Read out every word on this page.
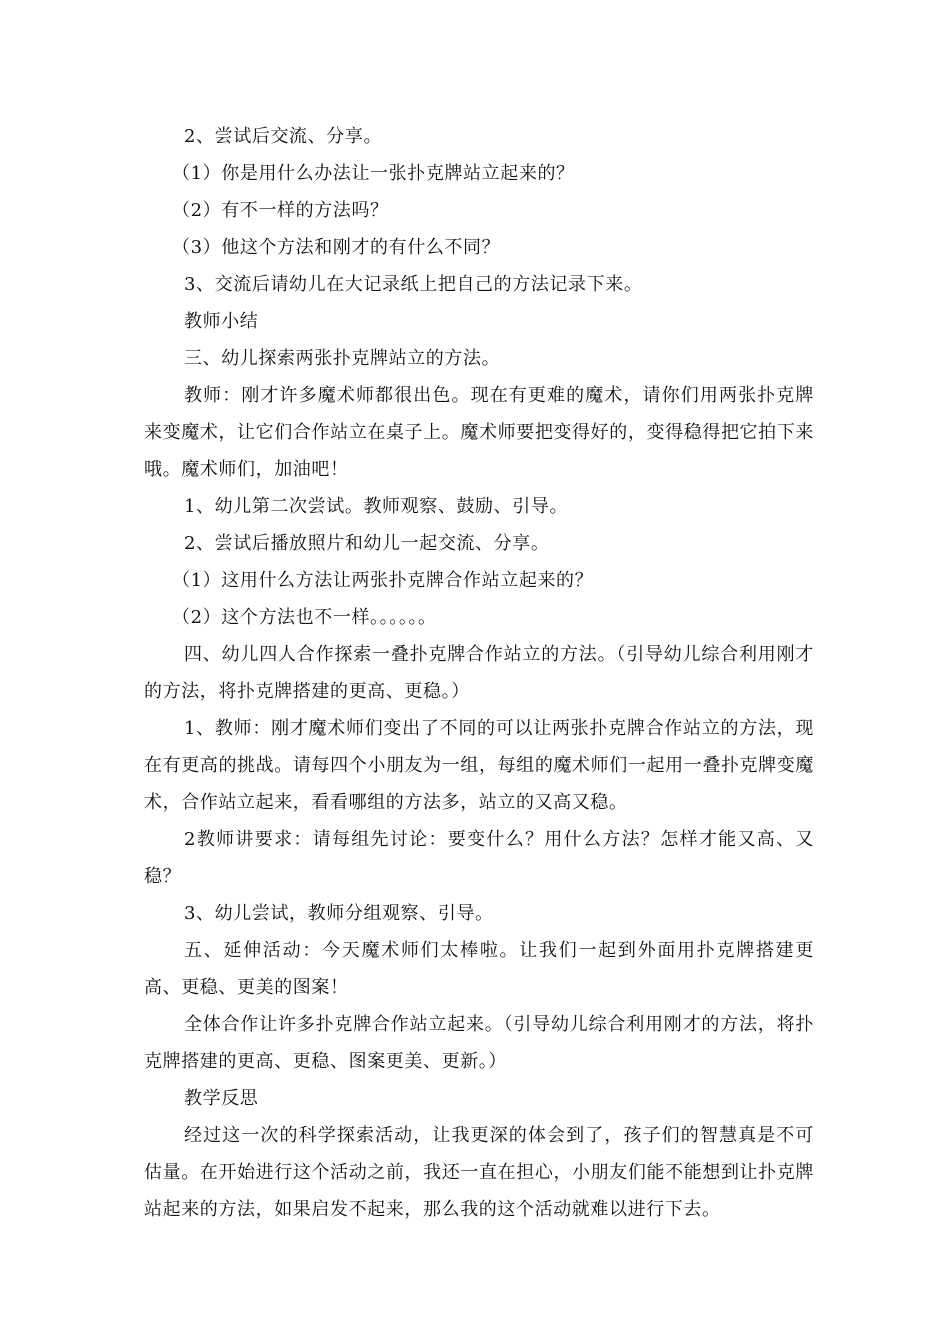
2、尝试后交流、分享。

（1）你是用什么办法让一张扑克牌站立起来的？

（2）有不一样的方法吗？

（3）他这个方法和刚才的有什么不同？

3、交流后请幼儿在大记录纸上把自己的方法记录下来。

教师小结

三、幼儿探索两张扑克牌站立的方法。

教师：刚才许多魔术师都很出色。现在有更难的魔术，请你们用两张扑克牌来变魔术，让它们合作站立在桌子上。魔术师要把变得好的，变得稳得把它拍下来哦。魔术师们，加油吧！

1、幼儿第二次尝试。教师观察、鼓励、引导。

2、尝试后播放照片和幼儿一起交流、分享。

（1）这用什么方法让两张扑克牌合作站立起来的？

（2）这个方法也不一样。。。。。。

四、幼儿四人合作探索一叠扑克牌合作站立的方法。（引导幼儿综合利用刚才的方法，将扑克牌搭建的更高、更稳。）

1、教师：刚才魔术师们变出了不同的可以让两张扑克牌合作站立的方法，现在有更高的挑战。请每四个小朋友为一组，每组的魔术师们一起用一叠扑克牌变魔术，合作站立起来，看看哪组的方法多，站立的又高又稳。

2教师讲要求：请每组先讨论：要变什么？用什么方法？怎样才能又高、又稳？

3、幼儿尝试，教师分组观察、引导。

五、延伸活动：今天魔术师们太棒啦。让我们一起到外面用扑克牌搭建更高、更稳、更美的图案！

全体合作让许多扑克牌合作站立起来。（引导幼儿综合利用刚才的方法，将扑克牌搭建的更高、更稳、图案更美、更新。）

教学反思

经过这一次的科学探索活动，让我更深的体会到了，孩子们的智慧真是不可估量。在开始进行这个活动之前，我还一直在担心，小朋友们能不能想到让扑克牌站起来的方法，如果启发不起来，那么我的这个活动就难以进行下去。
